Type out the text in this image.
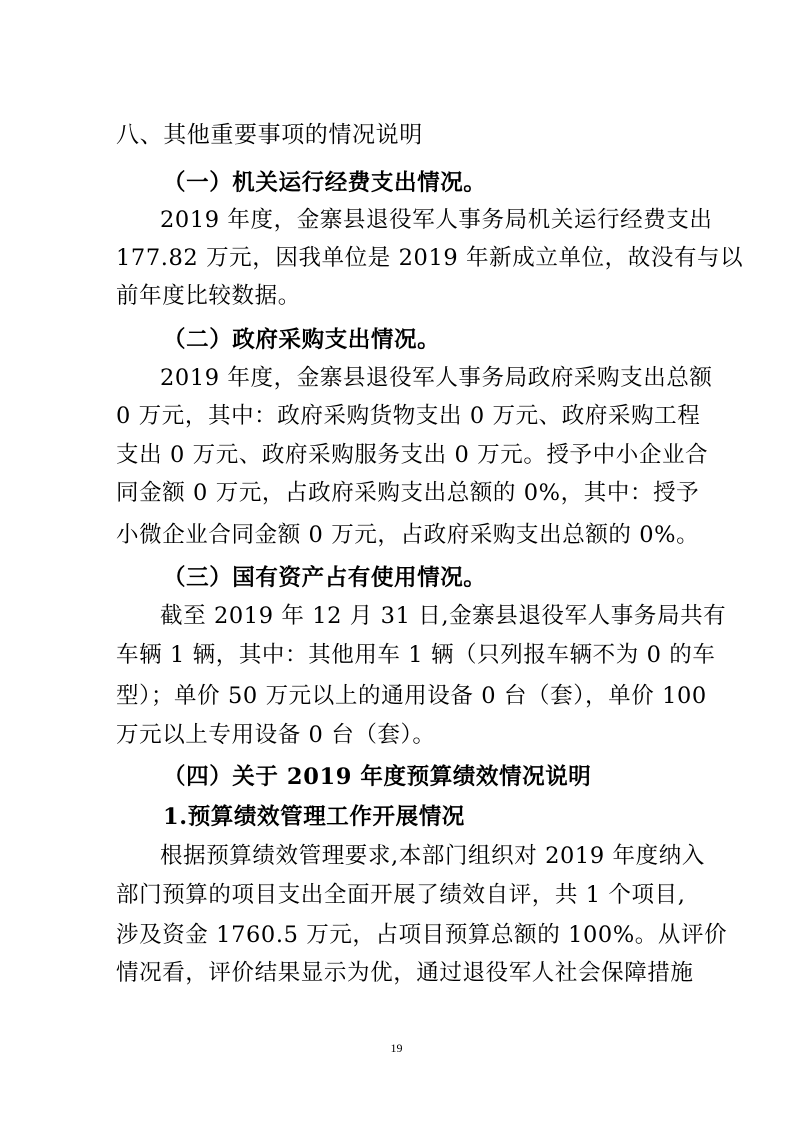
八、其他重要事项的情况说明
（一）机关运行经费支出情况。
2019 年度，金寨县退役军人事务局机关运行经费支出
177.82 万元，因我单位是 2019 年新成立单位，故没有与以
前年度比较数据。
（二）政府采购支出情况。
2019 年度，金寨县退役军人事务局政府采购支出总额
0 万元，其中：政府采购货物支出 0 万元、政府采购工程
支出 0 万元、政府采购服务支出 0 万元。授予中小企业合
同金额 0 万元，占政府采购支出总额的 0%，其中：授予
小微企业合同金额 0 万元，占政府采购支出总额的 0%。
（三）国有资产占有使用情况。
截至 2019 年 12 月 31 日,金寨县退役军人事务局共有
车辆 1 辆，其中：其他用车 1 辆（只列报车辆不为 0 的车
型）；单价 50 万元以上的通用设备 0 台（套），单价 100
万元以上专用设备 0 台（套）。
（四）关于 2019 年度预算绩效情况说明
1.预算绩效管理工作开展情况
根据预算绩效管理要求,本部门组织对 2019 年度纳入
部门预算的项目支出全面开展了绩效自评，共 1 个项目,
涉及资金 1760.5 万元，占项目预算总额的 100%。从评价
情况看，评价结果显示为优，通过退役军人社会保障措施
19
